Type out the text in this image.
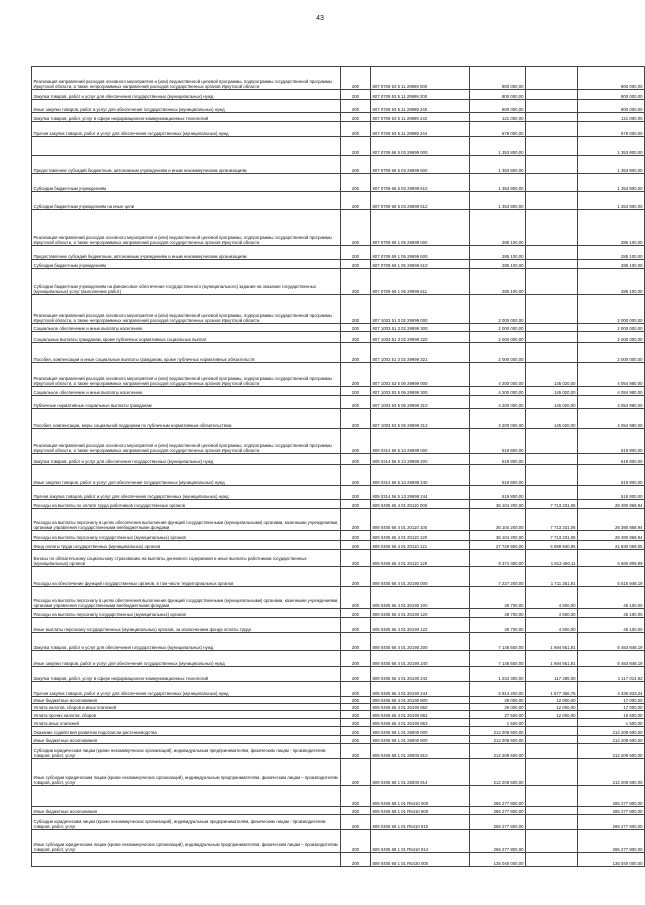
43
Реализация направлений расходов основного мероприятия и (или) ведомственной целевой программы, подпрограммы государственной программы Иркутской области, а также непрограммных направлений расходов государственных органов Иркутской области	200	807 0709 53 5 11 29999 000	800 000,00		800 000,00
Закупка товаров, работ и услуг для обеспечения государственных (муниципальных) нужд	200	807 0709 53 5 11 29999 200	800 000,00		800 000,00
Иные закупки товаров, работ и услуг для обеспечения государственных (муниципальных) нужд	200	807 0709 53 5 11 29999 240	800 000,00		800 000,00
Закупка товаров, работ, услуг в сфере информационно-коммуникационных технологий	200	807 0709 53 5 11 29999 242	121 000,00		121 000,00
Прочая закупка товаров, работ и услуг для обеспечения государственных (муниципальных) нужд	200	807 0709 53 5 11 29999 244	679 000,00		679 000,00
	200	807 0709 66 5 03 29999 000	1 353 800,00		1 353 800,00
Предоставление субсидий бюджетным, автономным учреждениям и иным некоммерческим организациям	200	807 0709 66 5 03 29999 600	1 353 800,00		1 353 800,00
Субсидии бюджетным учреждениям	200	807 0709 66 5 03 29999 610	1 353 800,00		1 353 800,00
Субсидии бюджетным учреждениям на иные цели	200	807 0709 66 5 03 29999 612	1 353 800,00		1 353 800,00
Реализация направлений расходов основного мероприятия и (или) ведомственной целевой программы, подпрограммы государственной программы Иркутской области, а также непрограммных направлений расходов государственных органов Иркутской области	200	807 0709 69 1 05 29999 000	285 100,00		285 100,00
Предоставление субсидий бюджетным, автономным учреждениям и иным некоммерческим организациям	200	807 0709 69 1 05 29999 600	285 100,00		285 100,00
Субсидии бюджетным учреждениям	200	807 0709 69 1 05 29999 610	285 100,00		285 100,00
Субсидии бюджетным учреждениям на финансовое обеспечение государственного (муниципального) задания на оказание государственных (муниципальных) услуг (выполнение работ)	200	807 0709 69 1 05 29999 611	285 100,00		285 100,00
Реализация направлений расходов основного мероприятия и (или) ведомственной целевой программы, подпрограммы государственной программы Иркутской области, а также непрограммных направлений расходов государственных органов Иркутской области	200	807 1003 51 3 02 29999 000	2 000 000,00		2 000 000,00
Социальное обеспечение и иные выплаты населению	200	807 1003 51 3 02 29999 300	2 000 000,00		2 000 000,00
Социальные выплаты гражданам, кроме публичных нормативных социальных выплат	200	807 1003 51 3 02 29999 320	2 000 000,00		2 000 000,00
Пособия, компенсации и иные социальные выплаты гражданам, кроме публичных нормативных обязательств	200	807 1003 51 3 02 29999 321	2 000 000,00		2 000 000,00
Реализация направлений расходов основного мероприятия и (или) ведомственной целевой программы, подпрограммы государственной программы Иркутской области, а также непрограммных направлений расходов государственных органов Иркутской области	200	807 1003 53 5 06 29999 000	4 200 000,00	145 020,00	4 054 980,00
Социальное обеспечение и иные выплаты населению	200	807 1003 53 5 06 29999 300	4 200 000,00	145 020,00	4 054 980,00
Публичные нормативные социальные выплаты гражданам	200	807 1003 53 5 06 29999 310	4 200 000,00	145 020,00	4 054 980,00
Пособия, компенсации, меры социальной поддержки по публичным нормативным обязательствам	200	807 1003 53 5 06 29999 313	4 200 000,00	145 020,00	4 054 980,00
Реализация направлений расходов основного мероприятия и (или) ведомственной целевой программы, подпрограммы государственной программы Иркутской области, а также непрограммных направлений расходов государственных органов Иркутской области	200	809 0314 56 5 13 29999 000	519 800,00		519 800,00
Закупка товаров, работ и услуг для обеспечения государственных (муниципальных) нужд	200	809 0314 56 5 13 29999 200	519 800,00		519 800,00
Иные закупки товаров, работ и услуг для обеспечения государственных (муниципальных) нужд	200	809 0314 56 5 13 29999 240	519 800,00		519 800,00
Прочая закупка товаров, работ и услуг для обеспечения государственных (муниципальных) нужд	200	809 0314 56 5 13 29999 244	519 800,00		519 800,00
Расходы на выплаты по оплате труда работников государственных органов	200	809 0405 66 4 01 20110 000	36 104 200,00	7 713 331,06	28 390 868,94
Расходы на выплаты персоналу в целях обеспечения выполнения функций государственными (муниципальными) органами, казенными учреждениями, органами управления государственными внебюджетными фондами	200	809 0405 66 4 01 20110 100	36 104 200,00	7 713 331,06	28 390 868,94
Расходы на выплаты персоналу государственных (муниципальных) органов	200	809 0405 66 4 01 20110 120	36 104 200,00	7 713 331,06	28 390 868,94
Фонд оплаты труда государственных (муниципальных) органов	200	809 0405 66 4 01 20110 121	27 729 900,00	5 899 840,95	21 830 059,05
Взносы по обязательному социальному страхованию на выплаты денежного содержания и иные выплаты работникам государственных (муниципальных) органов	200	809 0405 66 4 01 20110 129	8 374 300,00	1 813 490,11	6 560 809,89
Расходы на обеспечение функций государственных органов, в том числе территориальных органов	200	809 0405 66 4 01 20190 000	7 227 200,00	1 711 251,81	5 515 948,19
Расходы на выплаты персоналу в целях обеспечения выполнения функций государственными (муниципальными) органами, казенными учреждениями, органами управления государственными внебюджетными фондами	200	809 0405 66 4 01 20190 100	49 700,00	4 600,00	45 100,00
Расходы на выплаты персоналу государственных (муниципальных) органов	200	809 0405 66 4 01 20190 120	49 700,00	4 600,00	45 100,00
Иные выплаты персоналу государственных (муниципальных) органов, за исключением фонда оплаты труда	200	809 0405 66 4 01 20190 122	49 700,00	4 600,00	45 100,00
Закупка товаров, работ и услуг для обеспечения государственных (муниципальных) нужд	200	809 0405 66 4 01 20190 200	7 148 500,00	1 694 651,81	5 453 848,19
Иные закупки товаров, работ и услуг для обеспечения государственных (муниципальных) нужд	200	809 0405 66 4 01 20190 240	7 148 500,00	1 694 651,81	5 453 848,19
Закупка товаров, работ, услуг в сфере информационно-коммуникационных технологий	200	809 0405 66 4 01 20190 242	1 234 300,00	117 285,00	1 117 014,92
Прочая закупка товаров, работ и услуг для обеспечения государственных (муниципальных) нужд	200	809 0405 66 4 01 20190 244	5 914 200,00	1 577 366,76	4 336 833,24
Иные бюджетные ассигнования	200	809 0405 66 4 01 20190 800	29 000,00	12 000,00	17 000,00
Уплата налогов, сборов и иных платежей	200	809 0405 66 4 01 20190 850	29 000,00	12 000,00	17 000,00
Уплата прочих налогов, сборов	200	809 0405 66 4 01 20190 852	27 500,00	12 000,00	15 500,00
Уплата иных платежей	200	809 0405 66 4 01 20190 853	1 500,00		1 500,00
Оказание содействия развитию подотрасли растениеводства	200	809 0405 68 1 01 28000 000	212 209 600,00		212 209 600,00
Иные бюджетные ассигнования	200	809 0405 68 1 01 28000 800	212 209 600,00		212 209 600,00
Субсидии юридическим лицам (кроме некоммерческих организаций), индивидуальным предпринимателям, физическим лицам - производителям товаров, работ, услуг	200	809 0405 68 1 01 28000 810	212 209 600,00		212 209 600,00
Иные субсидии юридическим лицам (кроме некоммерческих организаций), индивидуальным предпринимателям, физическим лицам – производителям товаров, работ, услуг	200	809 0405 68 1 01 28000 814	212 209 600,00		212 209 600,00
	200	809 0405 68 1 01 R5410 000	265 277 800,00		265 277 800,00
Иные бюджетные ассигнования	200	809 0405 68 1 01 R5410 800	265 277 800,00		265 277 800,00
Субсидии юридическим лицам (кроме некоммерческих организаций), индивидуальным предпринимателям, физическим лицам - производителям товаров, работ, услуг	200	809 0405 68 1 01 R5410 810	265 277 800,00		265 277 800,00
Иные субсидии юридическим лицам (кроме некоммерческих организаций), индивидуальным предпринимателям, физическим лицам – производителям товаров, работ, услуг	200	809 0405 68 1 01 R5410 814	265 277 800,00		265 277 800,00
	200	809 0405 68 1 01 R5430 000	135 040 000,00		135 040 000,00
